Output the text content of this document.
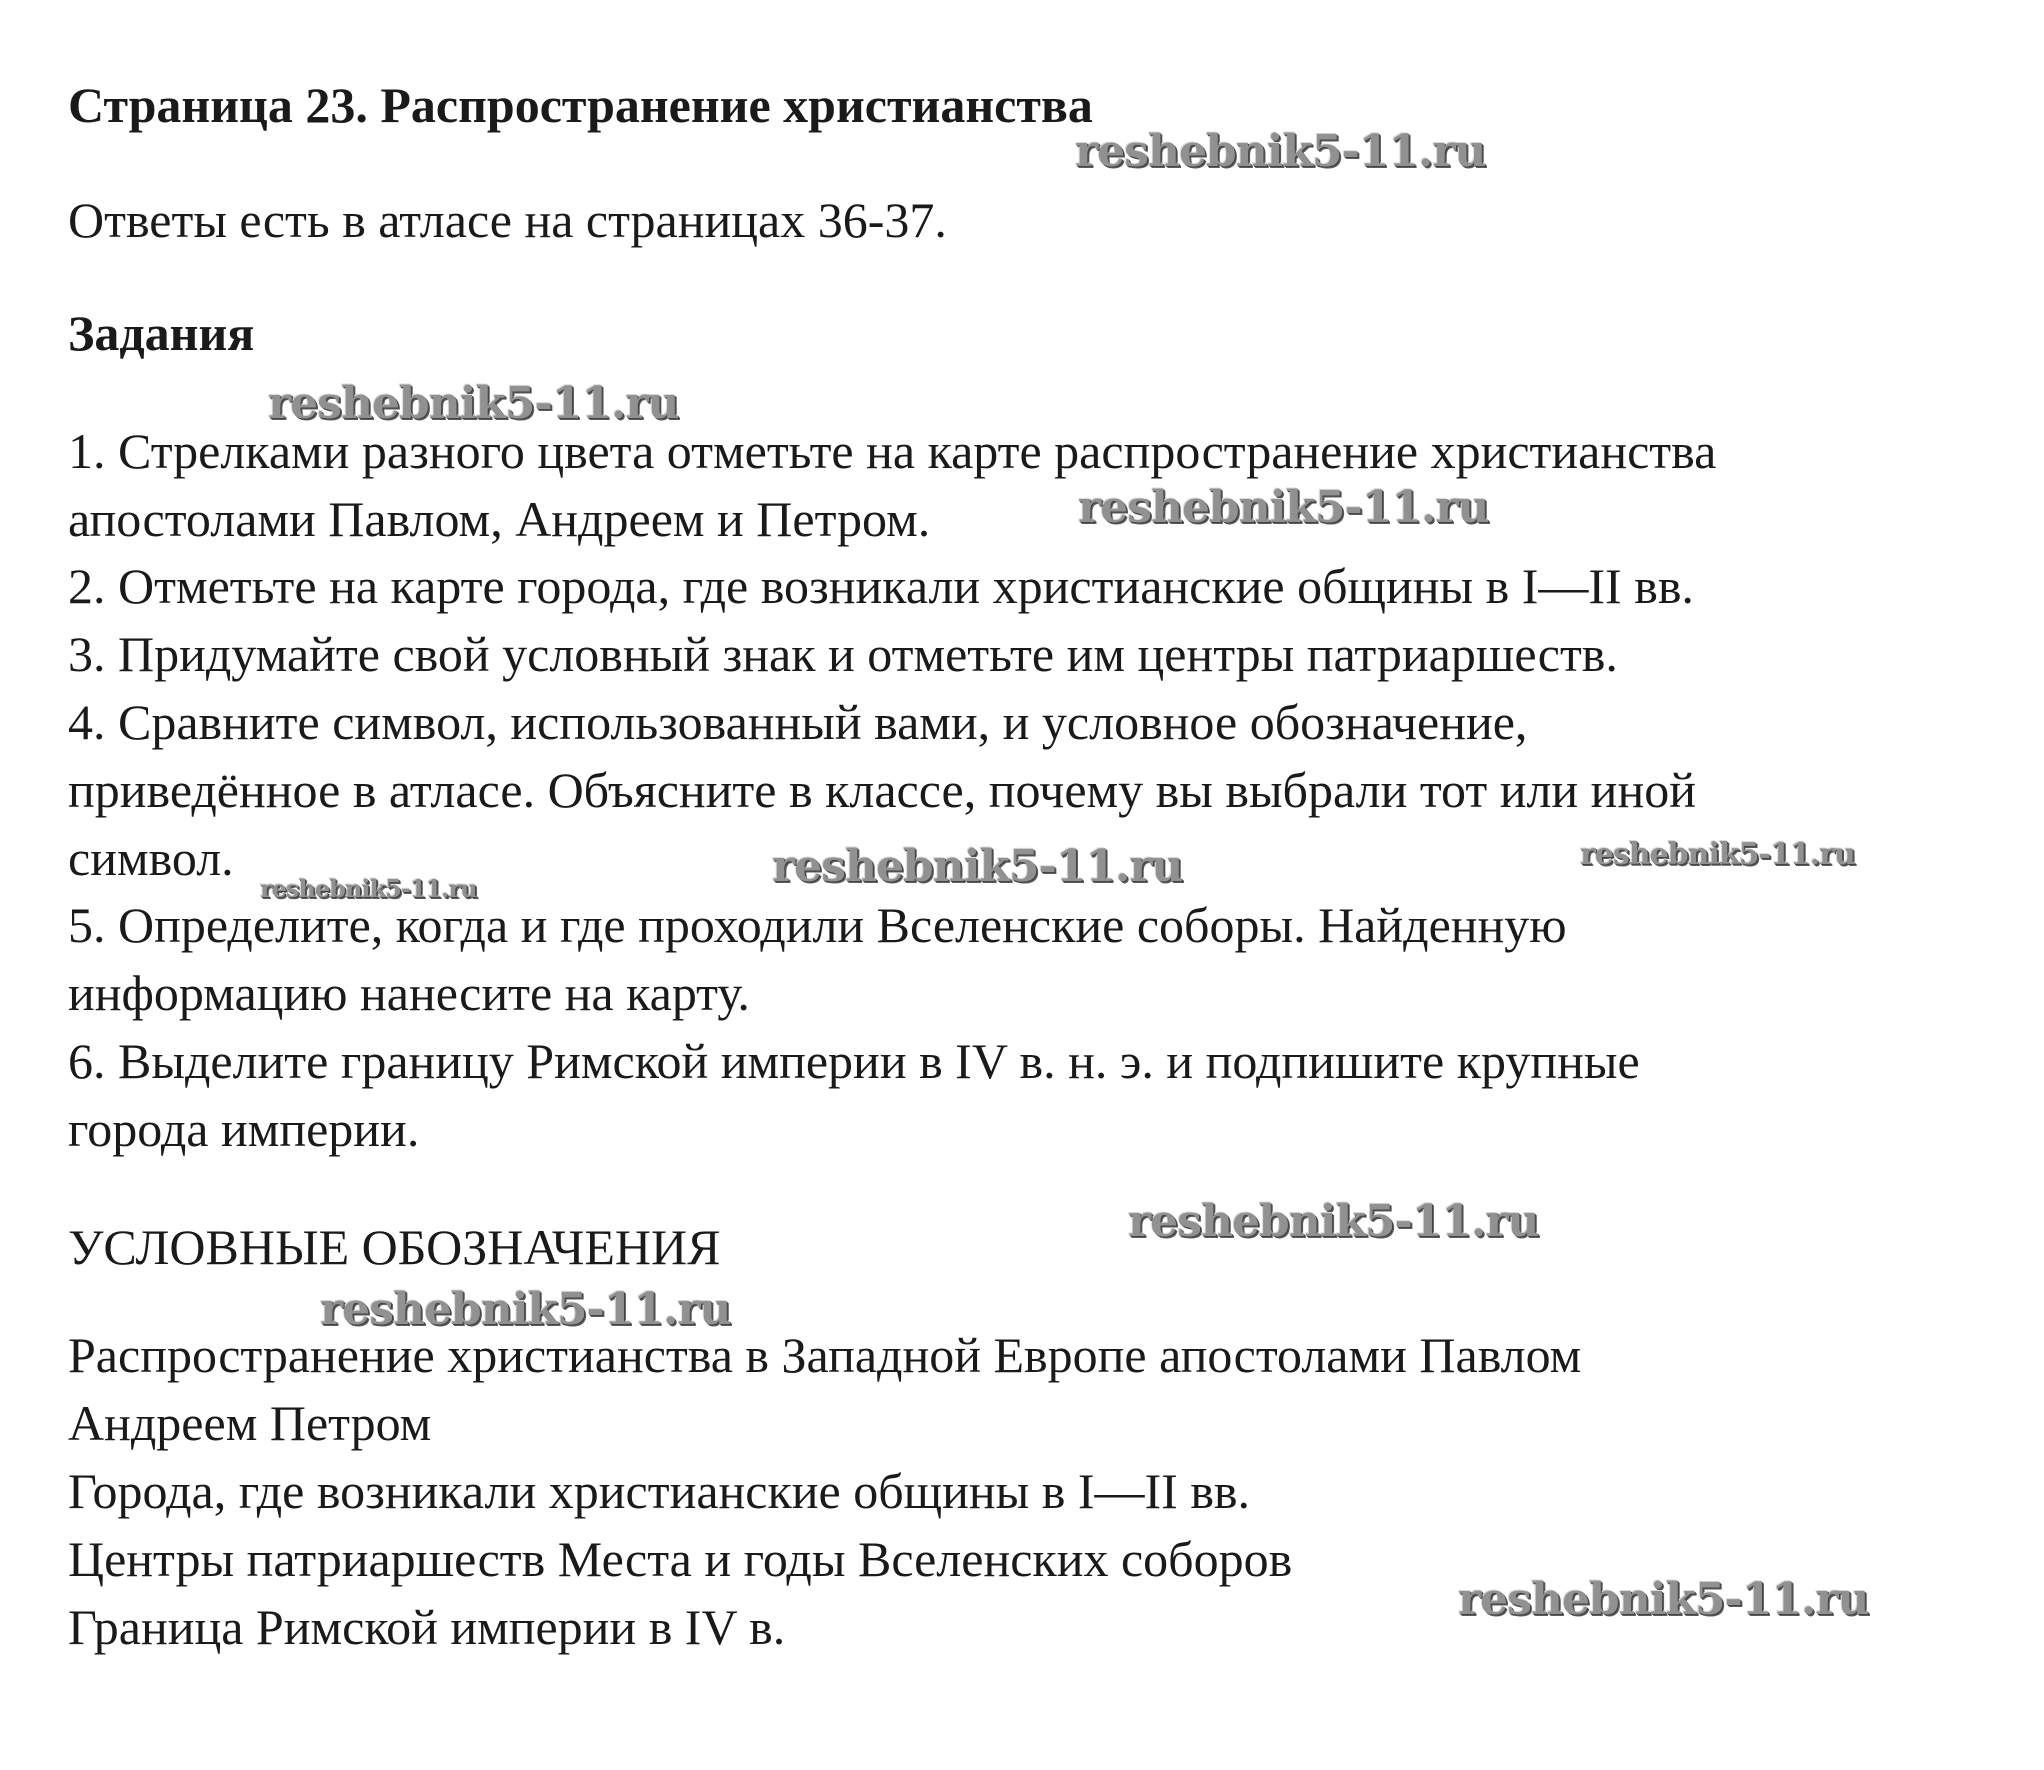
Страница 23. Распространение христианства
Ответы есть в атласе на страницах 36-37.
Задания
1. Стрелками разного цвета отметьте на карте распространение христианства
апостолами Павлом, Андреем и Петром.
2. Отметьте на карте города, где возникали христианские общины в I—II вв.
3. Придумайте свой условный знак и отметьте им центры патриаршеств.
4. Сравните символ, использованный вами, и условное обозначение,
приведённое в атласе. Объясните в классе, почему вы выбрали тот или иной
символ.
5. Определите, когда и где проходили Вселенские соборы. Найденную
информацию нанесите на карту.
6. Выделите границу Римской империи в IV в. н. э. и подпишите крупные
города империи.
УСЛОВНЫЕ ОБОЗНАЧЕНИЯ
Распространение христианства в Западной Европе апостолами Павлом
Андреем Петром
Города, где возникали христианские общины в I—II вв.
Центры патриаршеств Места и годы Вселенских соборов
Граница Римской империи в IV в.
reshebnik5-11.ru
reshebnik5-11.ru
reshebnik5-11.ru
reshebnik5-11.ru	reshebnik5-11.ru
reshebnik5-11.ru
reshebnik5-11.ru
reshebnik5-11.ru
reshebnik5-11.ru
